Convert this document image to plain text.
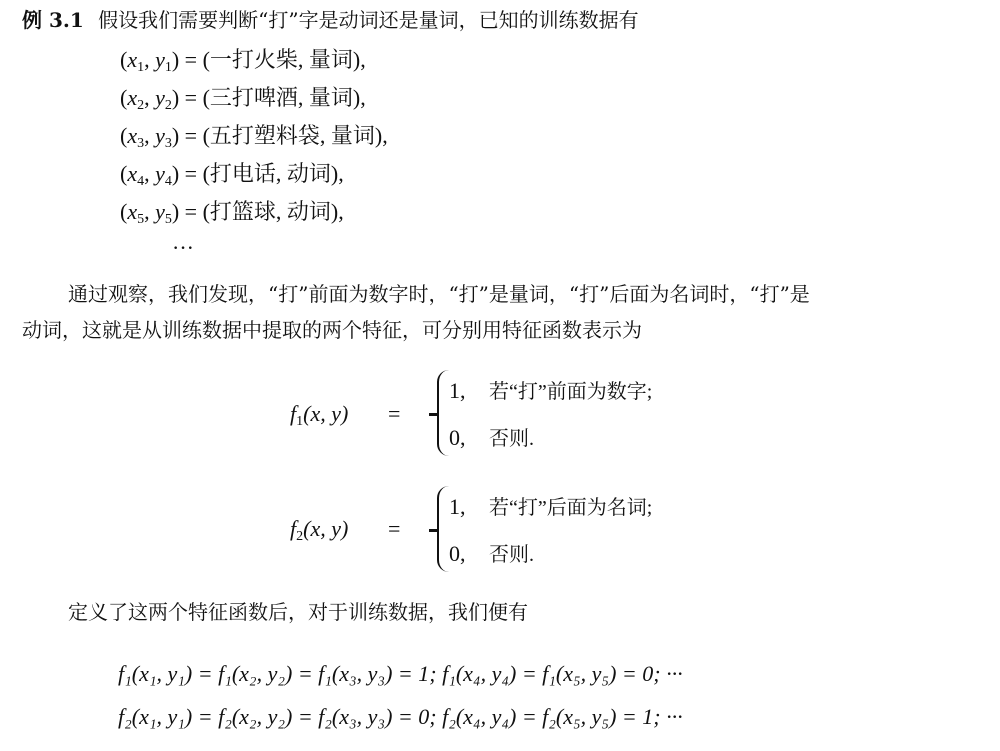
例 3.1 假设我们需要判断“打”字是动词还是量词，已知的训练数据有
($x_1$, $y_1$) = (一打火柴, 量词),
($x_2$, $y_2$) = (三打啤酒, 量词),
($x_3$, $y_3$) = (五打塑料袋, 量词),
($x_4$, $y_4$) = (打电话, 动词),
($x_5$, $y_5$) = (打篮球, 动词),
···
通过观察，我们发现，“打”前面为数字时，“打”是量词，“打”后面为名词时，“打”是
动词，这就是从训练数据中提取的两个特征，可分别用特征函数表示为
$f_1(x$, y) =
1, 若“打”前面为数字;
0, 否则.
$f_2(x$, y) =
1, 若“打”后面为名词;
0, 否则.
定义了这两个特征函数后，对于训练数据，我们便有
f₁(x₁, y₁) = f₁(x₂, y₂) = f₁(x₃, y₃) = 1; f₁(x₄, y₄) = f₁(x₅, y₅) = 0; ···
f₂(x₁, y₁) = f₂(x₂, y₂) = f₂(x₃, y₃) = 0; f₂(x₄, y₄) = f₂(x₅, y₅) = 1; ···
